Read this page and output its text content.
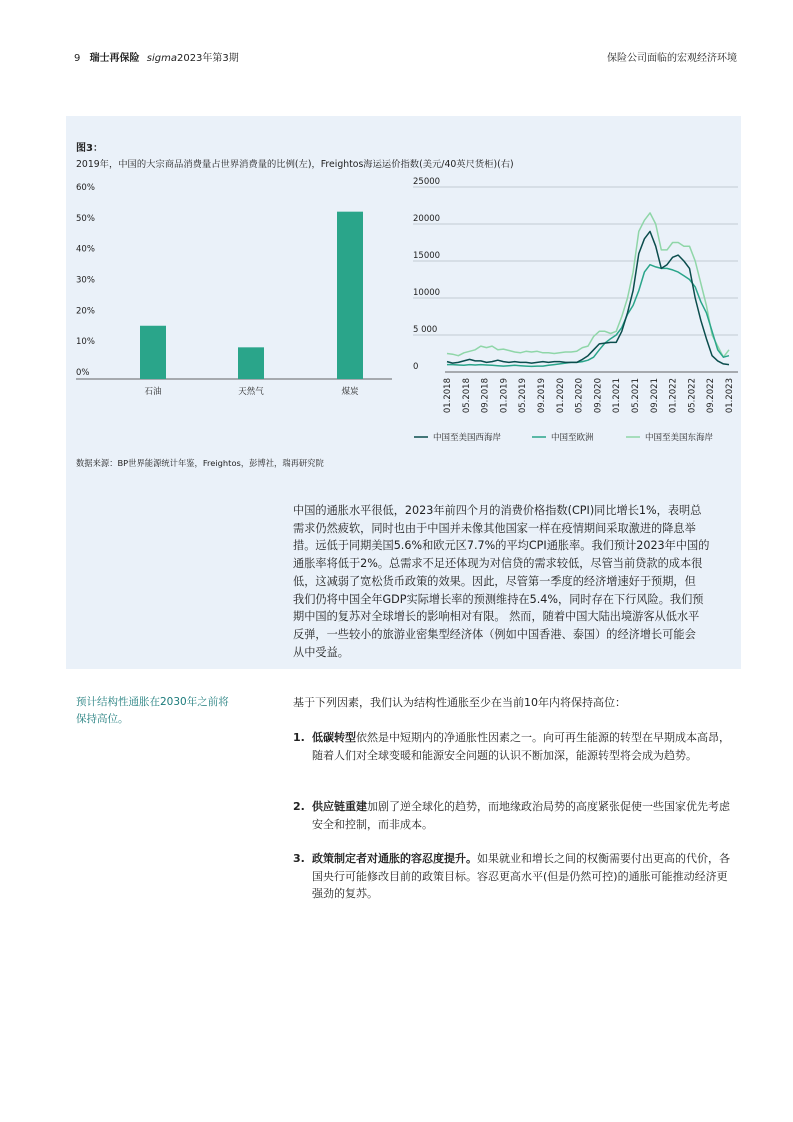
9 瑞士再保险 sigma2023年第3期	保险公司面临的宏观经济环境
图3：
2019年，中国的大宗商品消费量占世界消费量的比例(左)，Freightos海运运价指数(美元/40英尺货柜)(右)
0%
10%
20%
30%
40%
50%
60%
石油	天然气	煤炭
0
5 000
10000
15000
20000
25000
01.2018 05.2018 09.2018 01.2019 05.2019 09.2019 01.2020 05.2020 09.2020 01.2021 05.2021 09.2021 01.2022 05.2022 09.2022 01.2023
中国至美国西海岸	中国至欧洲	中国至美国东海岸
数据来源：BP世界能源统计年鉴，Freightos，彭博社，瑞再研究院
中国的通胀水平很低，2023年前四个月的消费价格指数(CPI)同比增长1%，表明总
需求仍然疲软，同时也由于中国并未像其他国家一样在疫情期间采取激进的降息举
措。远低于同期美国5.6%和欧元区7.7%的平均CPI通胀率。我们预计2023年中国的
通胀率将低于2%。总需求不足还体现为对信贷的需求较低，尽管当前贷款的成本很
低，这减弱了宽松货币政策的效果。因此，尽管第一季度的经济增速好于预期，但
我们仍将中国全年GDP实际增长率的预测维持在5.4%，同时存在下行风险。我们预
期中国的复苏对全球增长的影响相对有限。 然而，随着中国大陆出境游客从低水平
反弹，一些较小的旅游业密集型经济体（例如中国香港、泰国）的经济增长可能会
从中受益。
预计结构性通胀在2030年之前将
保持高位。
基于下列因素，我们认为结构性通胀至少在当前10年内将保持高位：
1. 低碳转型依然是中短期内的净通胀性因素之一。向可再生能源的转型在早期成本高昂，随着人们对全球变暖和能源安全问题的认识不断加深，能源转型将会成为趋势。
2. 供应链重建加剧了逆全球化的趋势，而地缘政治局势的高度紧张促使一些国家优先考虑安全和控制，而非成本。
3. 政策制定者对通胀的容忍度提升。如果就业和增长之间的权衡需要付出更高的代价，各国央行可能修改目前的政策目标。容忍更高水平(但是仍然可控)的通胀可能推动经济更强劲的复苏。
